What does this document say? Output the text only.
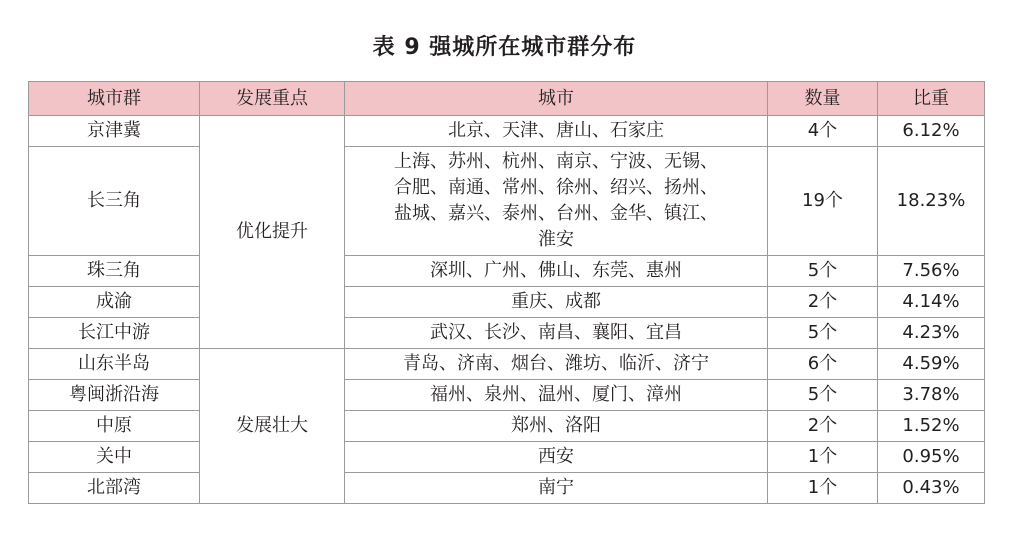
表 9 强城所在城市群分布
城市群	发展重点	城市	数量	比重
京津冀	优化提升	北京、天津、唐山、石家庄	4个	6.12%
长三角		上海、苏州、杭州、南京、宁波、无锡、
合肥、南通、常州、徐州、绍兴、扬州、
盐城、嘉兴、泰州、台州、金华、镇江、
淮安	19个	18.23%
珠三角		深圳、广州、佛山、东莞、惠州	5个	7.56%
成渝		重庆、成都	2个	4.14%
长江中游		武汉、长沙、南昌、襄阳、宜昌	5个	4.23%
山东半岛	发展壮大	青岛、济南、烟台、潍坊、临沂、济宁	6个	4.59%
粤闽浙沿海		福州、泉州、温州、厦门、漳州	5个	3.78%
中原		郑州、洛阳	2个	1.52%
关中		西安	1个	0.95%
北部湾		南宁	1个	0.43%
